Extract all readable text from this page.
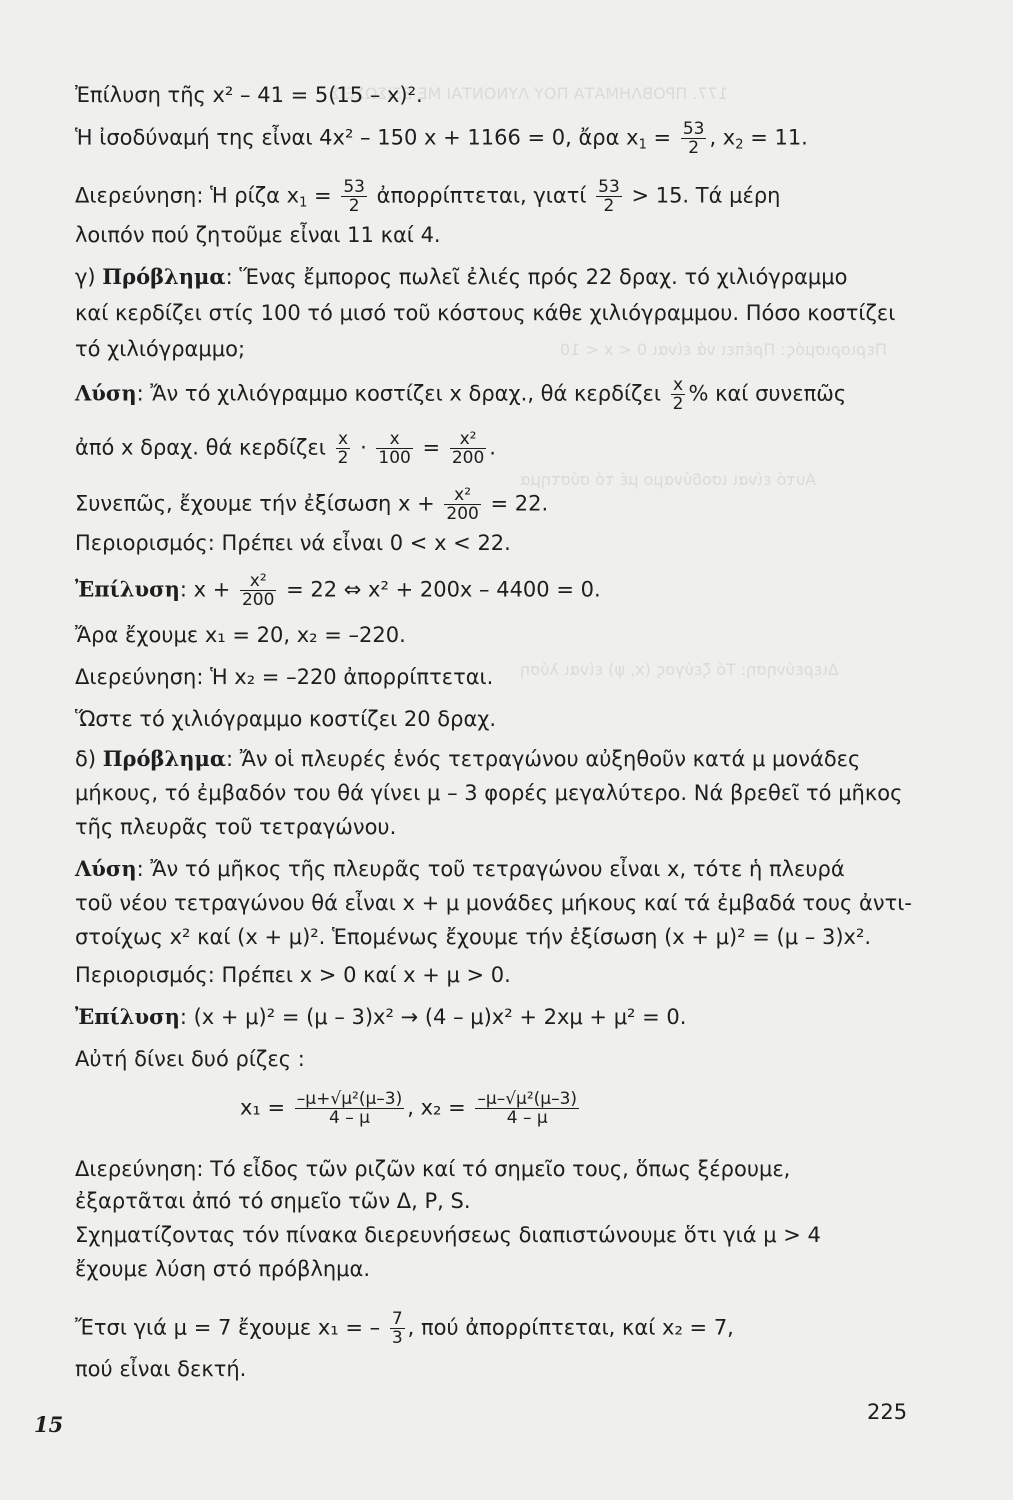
177. ΠΡΟΒΛΗΜΑΤΑ ΠΟΥ ΛΥΝΟΝΤΑΙ ΜΕ ΕΞΙΣΩΣΕΙΣ
Περιορισμός: Πρέπει νά είναι 0 < x < 10
Αυτό είναι ισοδύναμο μέ τό σύστημα
Διερεύνηση: Τό ζεύγος (x, ψ) είναι λύση
Ἐπίλυση τῆς x² – 41 = 5(15 – x)².
Ἡ ἰσοδύναμή της εἶναι 4x² – 150 x + 1166 = 0, ἄρα $x_1 = \frac{53}{2}$ , $x_2 = 11$.
Διερεύνηση: Ἡ ρίζα $x_1 = \frac{53}{2}$ ἀπορρίπτεται, γιατί $\frac{53}{2} > 15$. Τά μέρη
λοιπόν πού ζητοῦμε εἶναι 11 καί 4.
γ) Πρόβλημα: Ἕνας ἔμπορος πωλεῖ ἐλιές πρός 22 δραχ. τό χιλιόγραμμο
καί κερδίζει στίς 100 τό μισό τοῦ κόστους κάθε χιλιόγραμμου. Πόσο κοστίζει
τό χιλιόγραμμο;
Λύση: Ἄν τό χιλιόγραμμο κοστίζει x δραχ., θά κερδίζει $\frac{x}{2}$ % καί συνεπῶς
ἀπό x δραχ. θά κερδίζει $\frac{x}{2} \cdot \frac{x}{100} = \frac{\text{x²}}{200}$ .
Συνεπῶς, ἔχουμε τήν ἐξίσωση $x + \frac{\text{x²}}{200} = 22$.
Περιορισμός: Πρέπει νά εἶναι 0 < x < 22.
Ἐπίλυση: $x + \frac{\text{x²}}{200} = 22$ ⇔ x² + 200x – 4400 = 0.
Ἄρα ἔχουμε x₁ = 20, x₂ = –220.
Διερεύνηση: Ἡ x₂ = –220 ἀπορρίπτεται.
Ὥστε τό χιλιόγραμμο κοστίζει 20 δραχ.
δ) Πρόβλημα: Ἄν οἱ πλευρές ἑνός τετραγώνου αὐξηθοῦν κατά μ μονάδες
μήκους, τό ἐμβαδόν του θά γίνει μ – 3 φορές μεγαλύτερο. Νά βρεθεῖ τό μῆκος
τῆς πλευρᾶς τοῦ τετραγώνου.
Λύση: Ἄν τό μῆκος τῆς πλευρᾶς τοῦ τετραγώνου εἶναι x, τότε ἡ πλευρά
τοῦ νέου τετραγώνου θά εἶναι x + μ μονάδες μήκους καί τά ἐμβαδά τους ἀντι-
στοίχως x² καί (x + μ)². Ἑπομένως ἔχουμε τήν ἐξίσωση (x + μ)² = (μ – 3)x².
Περιορισμός: Πρέπει x > 0 καί x + μ > 0.
Ἐπίλυση: (x + μ)² = (μ – 3)x² → (4 – μ)x² + 2xμ + μ² = 0.
Αὐτή δίνει δυό ρίζες :
$x_1 = \frac{\text{–μ+√μ²(μ–3)}}{4 - \mu}$ , $x_2 = \frac{\text{–μ–√μ²(μ–3)}}{4 - \mu}$
Διερεύνηση: Τό εἶδος τῶν ριζῶν καί τό σημεῖο τους, ὅπως ξέρουμε,
ἐξαρτᾶται ἀπό τό σημεῖο τῶν Δ, P, S.
Σχηματίζοντας τόν πίνακα διερευνήσεως διαπιστώνουμε ὅτι γιά μ > 4
ἔχουμε λύση στό πρόβλημα.
Ἔτσι γιά μ = 7 ἔχουμε x₁ = – $\frac{7}{3}$ , πού ἀπορρίπτεται, καί x₂ = 7,
πού εἶναι δεκτή.
15	225
